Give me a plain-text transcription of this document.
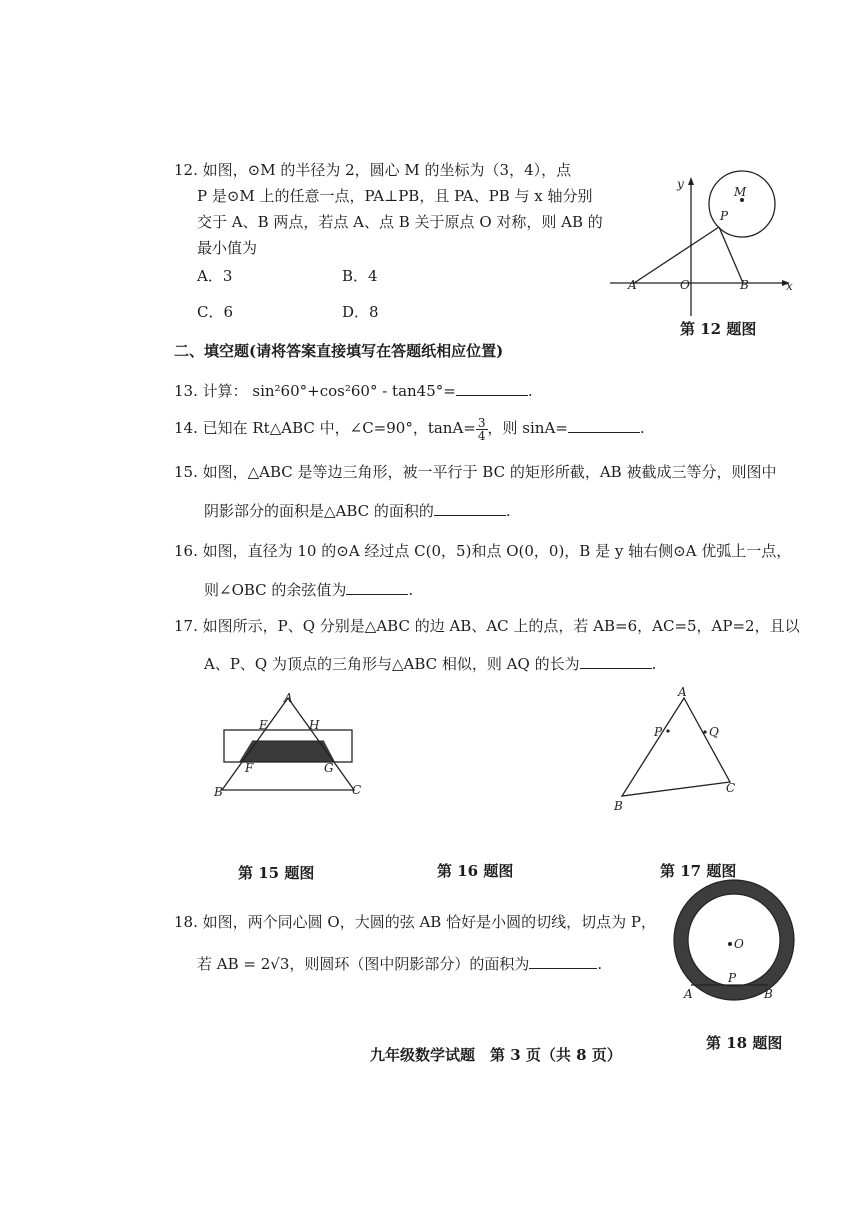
12. 如图，⊙M 的半径为 2，圆心 M 的坐标为（3，4），点
P 是⊙M 上的任意一点，PA⊥PB，且 PA、PB 与 x 轴分别
交于 A、B 两点，若点 A、点 B 关于原点 O 对称，则 AB 的
最小值为
A．3	B．4
C．6	D．8
y
x
M
P
A	O	B
第 12 题图
二、填空题(请将答案直接填写在答题纸相应位置)
13. 计算： sin²60°+cos²60° - tan45°=	.
14. 已知在 Rt△ABC 中，∠C=90°，$\tan A= \frac{3}{4}$ ，则 sinA=	.
15. 如图，△ABC 是等边三角形，被一平行于 BC 的矩形所截，AB 被截成三等分，则图中
阴影部分的面积是△ABC 的面积的	.
16. 如图，直径为 10 的⊙A 经过点 C(0，5)和点 O(0，0)，B 是 y 轴右侧⊙A 优弧上一点，
则∠OBC 的余弦值为	.
17. 如图所示，P、Q 分别是△ABC 的边 AB、AC 上的点，若 AB=6，AC=5，AP=2，且以
A、P、Q 为顶点的三角形与△ABC 相似，则 AQ 的长为	.
A
E	H
F	G
B	C
A
P	Q
B
C
第 15 题图	第 16 题图	第 17 题图
18. 如图，两个同心圆 O，大圆的弦 AB 恰好是小圆的切线，切点为 P，
若 AB = 2√3，则圆环（图中阴影部分）的面积为	.
O
A
P
B
第 18 题图
九年级数学试题　第 3 页（共 8 页）
